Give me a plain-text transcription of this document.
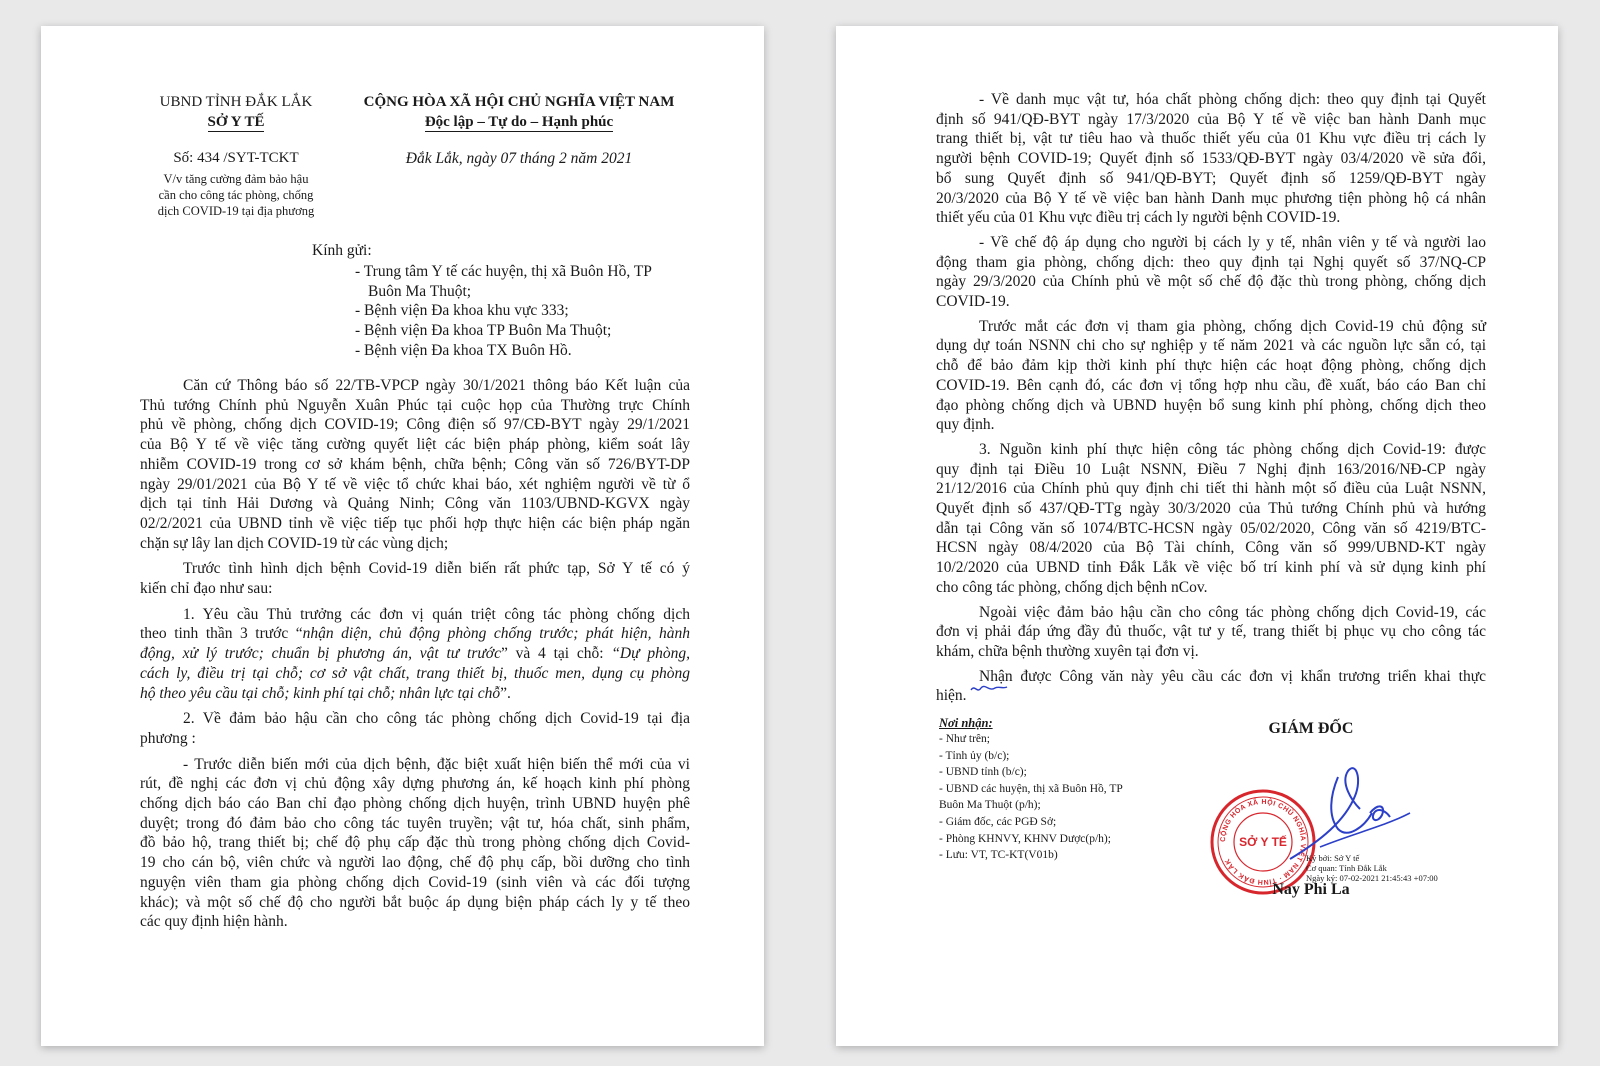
UBND TỈNH ĐẮK LẮK
SỞ Y TẾ
Số: 434 /SYT-TCKT
V/v tăng cường đảm bảo hậu
cần cho công tác phòng, chống
dịch COVID-19 tại địa phương
CỘNG HÒA XÃ HỘI CHỦ NGHĨA VIỆT NAM
Độc lập – Tự do – Hạnh phúc
Đắk Lắk, ngày 07 tháng 2 năm 2021
Kính gửi:
- Trung tâm Y tế các huyện, thị xã Buôn Hồ, TP
Buôn Ma Thuột;
- Bệnh viện Đa khoa khu vực 333;
- Bệnh viện Đa khoa TP Buôn Ma Thuột;
- Bệnh viện Đa khoa TX Buôn Hồ.

Căn cứ Thông báo số 22/TB-VPCP ngày 30/1/2021 thông báo Kết luận của

Thủ tướng Chính phủ Nguyễn Xuân Phúc tại cuộc họp của Thường trực Chính

phủ về phòng, chống dịch COVID-19; Công điện số 97/CĐ-BYT ngày 29/1/2021

của Bộ Y tế về việc tăng cường quyết liệt các biện pháp phòng, kiểm soát lây

nhiễm COVID-19 trong cơ sở khám bệnh, chữa bệnh; Công văn số 726/BYT-DP

ngày 29/01/2021 của Bộ Y tế về việc tổ chức khai báo, xét nghiệm người về từ ổ

dịch tại tỉnh Hải Dương và Quảng Ninh; Công văn 1103/UBND-KGVX ngày

02/2/2021 của UBND tỉnh về việc tiếp tục phối hợp thực hiện các biện pháp ngăn

chặn sự lây lan dịch COVID-19 từ các vùng dịch;

Trước tình hình dịch bệnh Covid-19 diễn biến rất phức tạp, Sở Y tế có ý

kiến chỉ đạo như sau:

1. Yêu cầu Thủ trưởng các đơn vị quán triệt công tác phòng chống dịch

theo tinh thần 3 trước “nhận diện, chủ động phòng chống trước; phát hiện, hành

động, xử lý trước; chuẩn bị phương án, vật tư trước” và 4 tại chỗ: “Dự phòng,

cách ly, điều trị tại chỗ; cơ sở vật chất, trang thiết bị, thuốc men, dụng cụ phòng

hộ theo yêu cầu tại chỗ; kinh phí tại chỗ; nhân lực tại chỗ”.

2. Về đảm bảo hậu cần cho công tác phòng chống dịch Covid-19 tại địa

phương :

- Trước diễn biến mới của dịch bệnh, đặc biệt xuất hiện biến thể mới của vi

rút, đề nghị các đơn vị chủ động xây dựng phương án, kế hoạch kinh phí phòng

chống dịch báo cáo Ban chỉ đạo phòng chống dịch huyện, trình UBND huyện phê

duyệt; trong đó đảm bảo cho công tác tuyên truyền; vật tư, hóa chất, sinh phẩm,

đồ bảo hộ, trang thiết bị; chế độ phụ cấp đặc thù trong phòng chống dịch Covid-

19 cho cán bộ, viên chức và người lao động, chế độ phụ cấp, bồi dưỡng cho tình

nguyện viên tham gia phòng chống dịch Covid-19 (sinh viên và các đối tượng

khác); và một số chế độ cho người bắt buộc áp dụng biện pháp cách ly y tế theo

các quy định hiện hành.

- Về danh mục vật tư, hóa chất phòng chống dịch: theo quy định tại Quyết

định số 941/QĐ-BYT ngày 17/3/2020 của Bộ Y tế về việc ban hành Danh mục

trang thiết bị, vật tư tiêu hao và thuốc thiết yếu của 01 Khu vực điều trị cách ly

người bệnh COVID-19; Quyết định số 1533/QĐ-BYT ngày 03/4/2020 về sửa đổi,

bổ sung Quyết định số 941/QĐ-BYT; Quyết định số 1259/QĐ-BYT ngày

20/3/2020 của Bộ Y tế về việc ban hành Danh mục phương tiện phòng hộ cá nhân

thiết yếu của 01 Khu vực điều trị cách ly người bệnh COVID-19.

- Về chế độ áp dụng cho người bị cách ly y tế, nhân viên y tế và người lao

động tham gia phòng, chống dịch: theo quy định tại Nghị quyết số 37/NQ-CP

ngày 29/3/2020 của Chính phủ về một số chế độ đặc thù trong phòng, chống dịch

COVID-19.

Trước mắt các đơn vị tham gia phòng, chống dịch Covid-19 chủ động sử

dụng dự toán NSNN chi cho sự nghiệp y tế năm 2021 và các nguồn lực sẵn có, tại

chỗ để bảo đảm kịp thời kinh phí thực hiện các hoạt động phòng, chống dịch

COVID-19. Bên cạnh đó, các đơn vị tổng hợp nhu cầu, đề xuất, báo cáo Ban chỉ

đạo phòng chống dịch và UBND huyện bổ sung kinh phí phòng, chống dịch theo

quy định.

3. Nguồn kinh phí thực hiện công tác phòng chống dịch Covid-19: được

quy định tại Điều 10 Luật NSNN, Điều 7 Nghị định 163/2016/NĐ-CP ngày

21/12/2016 của Chính phủ quy định chi tiết thi hành một số điều của Luật NSNN,

Quyết định số 437/QĐ-TTg ngày 30/3/2020 của Thủ tướng Chính phủ và hướng

dẫn tại Công văn số 1074/BTC-HCSN ngày 05/02/2020, Công văn số 4219/BTC-

HCSN ngày 08/4/2020 của Bộ Tài chính, Công văn số 999/UBND-KT ngày

10/2/2020 của UBND tỉnh Đắk Lắk về việc bố trí kinh phí và sử dụng kinh phí

cho công tác phòng, chống dịch bệnh nCov.

Ngoài việc đảm bảo hậu cần cho công tác phòng chống dịch Covid-19, các

đơn vị phải đáp ứng đầy đủ thuốc, vật tư y tế, trang thiết bị phục vụ cho công tác

khám, chữa bệnh thường xuyên tại đơn vị.

Nhận được Công văn này yêu cầu các đơn vị khẩn trương triển khai thực

hiện.

Nơi nhận:
- Như trên;
- Tỉnh ủy (b/c);
- UBND tỉnh (b/c);
- UBND các huyện, thị xã Buôn Hồ, TP
Buôn Ma Thuột (p/h);
- Giám đốc, các PGĐ Sở;
- Phòng KHNVY, KHNV Dược(p/h);
- Lưu: VT, TC-KT(V01b)
GIÁM ĐỐC
CỘNG HÒA XÃ HỘI CHỦ NGHĨA VIỆT NAM · TỈNH ĐẮK LẮK
SỞ Y TẾ
Ký bởi: Sở Y tế
Cơ quan: Tỉnh Đắk Lắk
Ngày ký: 07-02-2021 21:45:43 +07:00
Nay Phi La
